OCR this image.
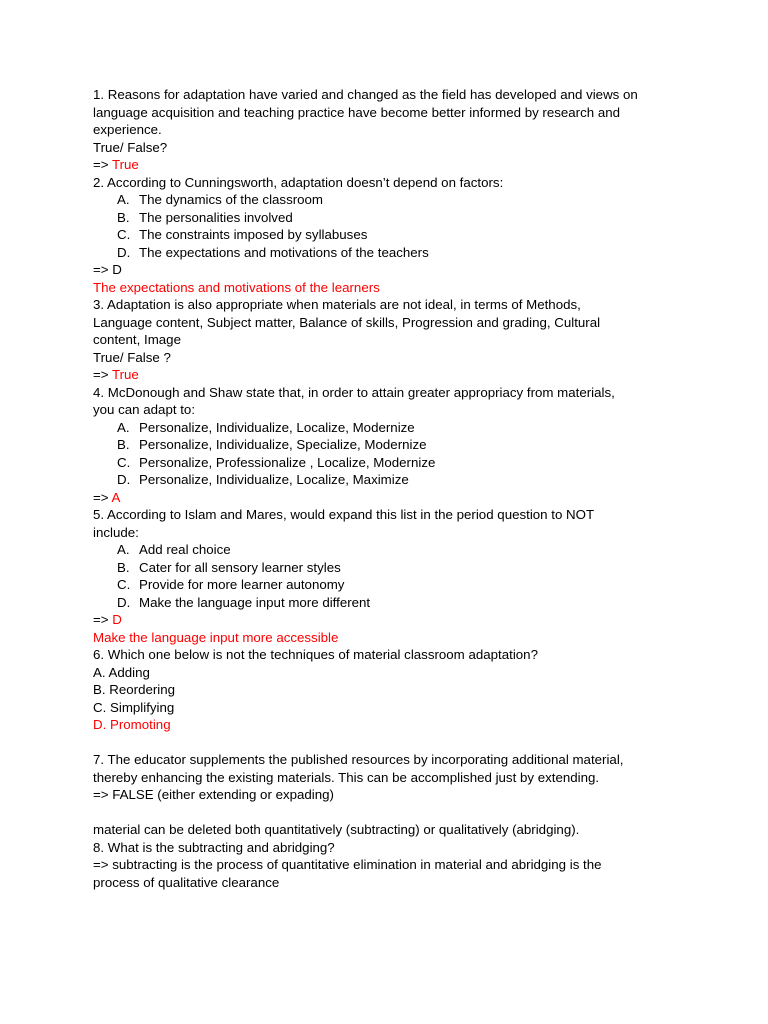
1. Reasons for adaptation have varied and changed as the field has developed and views on
language acquisition and teaching practice have become better informed by research and
experience.
True/ False?
=> True
2. According to Cunningsworth, adaptation doesn’t depend on factors:
A. The dynamics of the classroom
B. The personalities involved
C. The constraints imposed by syllabuses
D. The expectations and motivations of the teachers
=> D
The expectations and motivations of the learners
3. Adaptation is also appropriate when materials are not ideal, in terms of Methods,
Language content, Subject matter, Balance of skills, Progression and grading, Cultural
content, Image
True/ False ?
=> True
4. McDonough and Shaw state that, in order to attain greater appropriacy from materials,
you can adapt to:
A. Personalize, Individualize, Localize, Modernize
B. Personalize, Individualize, Specialize, Modernize
C. Personalize, Professionalize , Localize, Modernize
D. Personalize, Individualize, Localize, Maximize
=> A
5. According to Islam and Mares, would expand this list in the period question to NOT
include:
A. Add real choice
B. Cater for all sensory learner styles
C. Provide for more learner autonomy
D. Make the language input more different
=> D
Make the language input more accessible
6. Which one below is not the techniques of material classroom adaptation?
A. Adding
B. Reordering
C. Simplifying
D. Promoting
7. The educator supplements the published resources by incorporating additional material,
thereby enhancing the existing materials. This can be accomplished just by extending.
=> FALSE (either extending or expading)
material can be deleted both quantitatively (subtracting) or qualitatively (abridging).
8. What is the subtracting and abridging?
=> subtracting is the process of quantitative elimination in material and abridging is the
process of qualitative clearance
